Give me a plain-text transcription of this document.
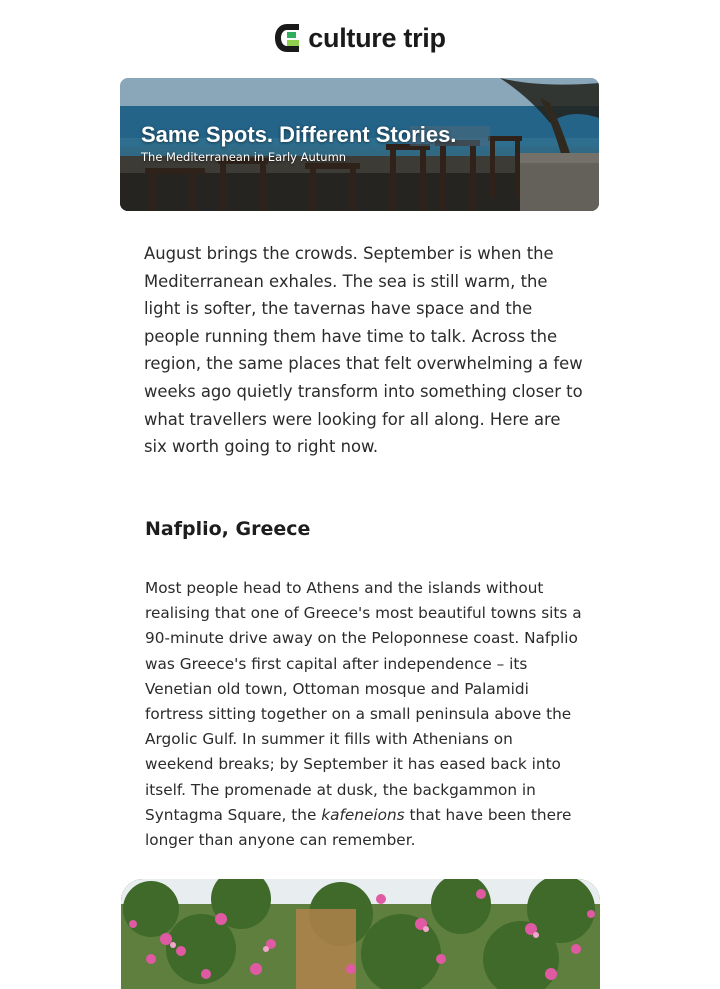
culture trip
Same Spots. Different Stories.
The Mediterranean in Early Autumn

August brings the crowds. September is when the Mediterranean exhales. The sea is still warm, the light is softer, the tavernas have space and the people running them have time to talk. Across the region, the same places that felt overwhelming a few weeks ago quietly transform into something closer to what travellers were looking for all along. Here are six worth going to right now.

Nafplio, Greece

Most people head to Athens and the islands without realising that one of Greece's most beautiful towns sits a 90-minute drive away on the Peloponnese coast. Nafplio was Greece's first capital after independence – its Venetian old town, Ottoman mosque and Palamidi fortress sitting together on a small peninsula above the Argolic Gulf. In summer it fills with Athenians on weekend breaks; by September it has eased back into itself. The promenade at dusk, the backgammon in Syntagma Square, the kafeneions that have been there longer than anyone can remember.
